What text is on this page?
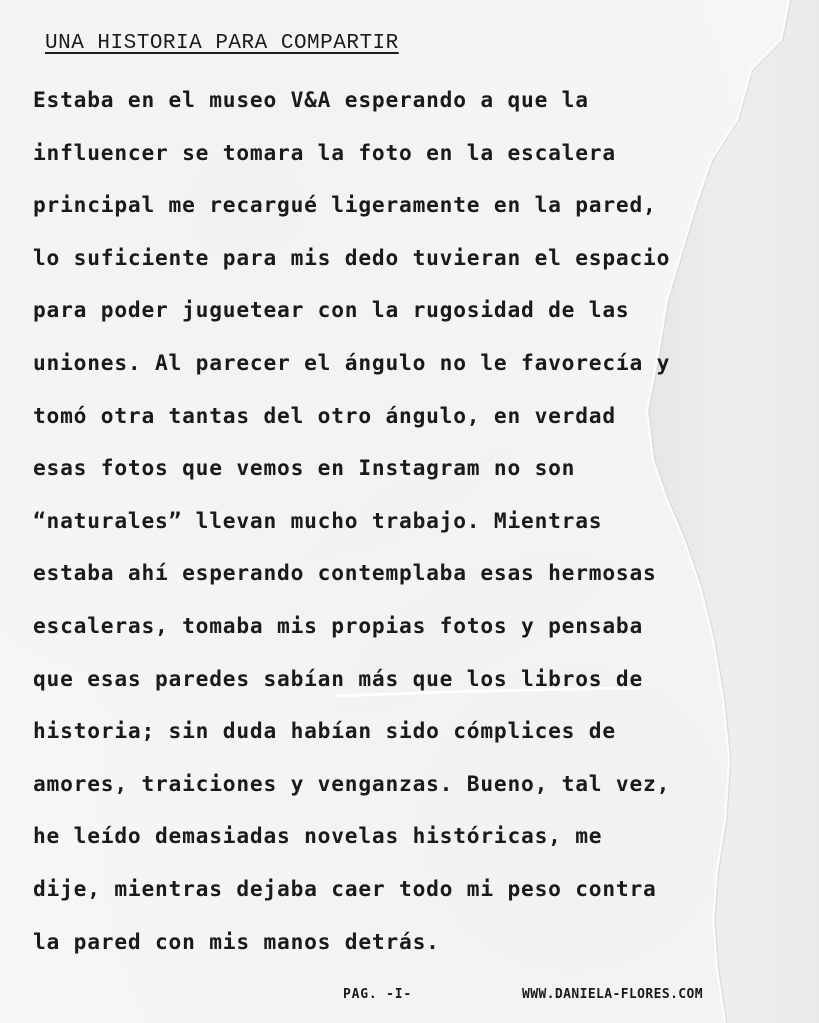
UNA HISTORIA PARA COMPARTIR
Estaba en el museo V&A esperando a que la
influencer se tomara la foto en la escalera
principal me recargué ligeramente en la pared,
lo suficiente para mis dedo tuvieran el espacio
para poder juguetear con la rugosidad de las
uniones. Al parecer el ángulo no le favorecía y
tomó otra tantas del otro ángulo, en verdad
esas fotos que vemos en Instagram no son
“naturales” llevan mucho trabajo. Mientras
estaba ahí esperando contemplaba esas hermosas
escaleras, tomaba mis propias fotos y pensaba
que esas paredes sabían más que los libros de
historia; sin duda habían sido cómplices de
amores, traiciones y venganzas. Bueno, tal vez,
he leído demasiadas novelas históricas, me
dije, mientras dejaba caer todo mi peso contra
la pared con mis manos detrás.
PAG. -I-	WWW.DANIELA-FLORES.COM
